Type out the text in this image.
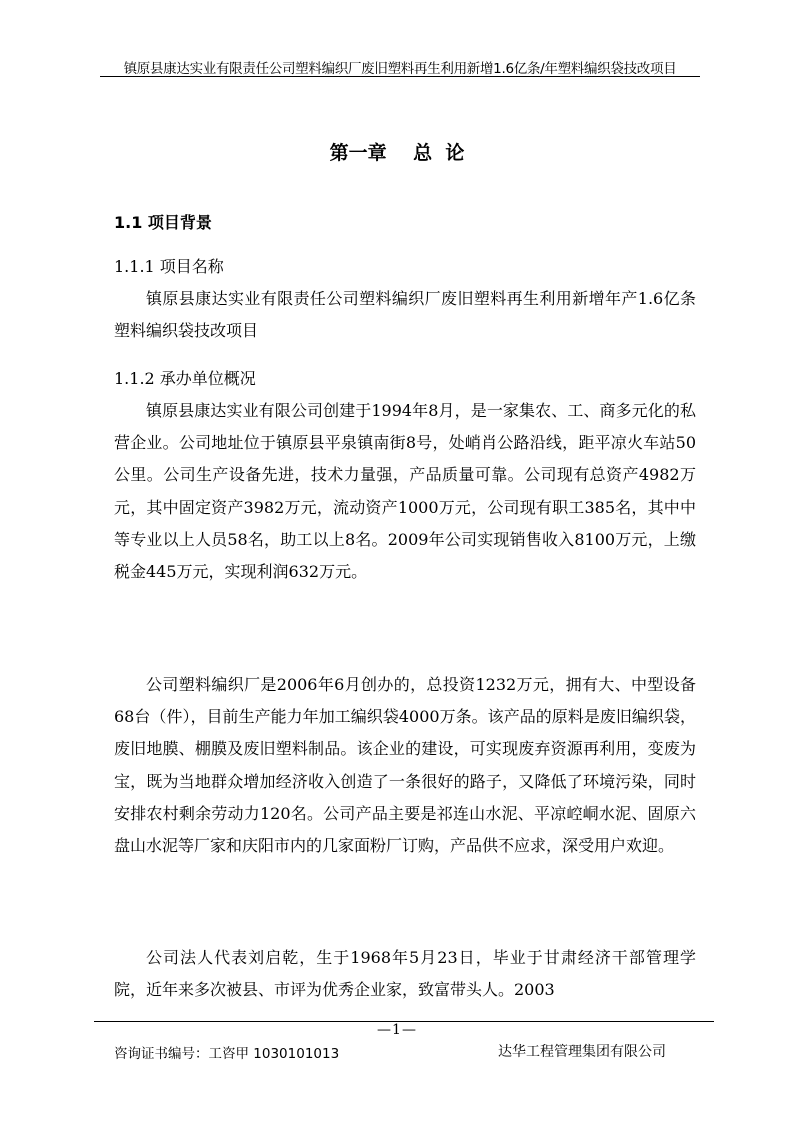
镇原县康达实业有限责任公司塑料编织厂废旧塑料再生利用新增1.6亿条/年塑料编织袋技改项目
第一章    总  论
1.1 项目背景
1.1.1 项目名称

镇原县康达实业有限责任公司塑料编织厂废旧塑料再生利用新增年产1.6亿条塑料编织袋技改项目

1.1.2 承办单位概况

镇原县康达实业有限公司创建于1994年8月，是一家集农、工、商多元化的私营企业。公司地址位于镇原县平泉镇南街8号，处峭肖公路沿线，距平凉火车站50公里。公司生产设备先进，技术力量强，产品质量可靠。公司现有总资产4982万元，其中固定资产3982万元，流动资产1000万元，公司现有职工385名，其中中等专业以上人员58名，助工以上8名。2009年公司实现销售收入8100万元，上缴税金445万元，实现利润632万元。

公司塑料编织厂是2006年6月创办的，总投资1232万元，拥有大、中型设备68台（件），目前生产能力年加工编织袋4000万条。该产品的原料是废旧编织袋，废旧地膜、棚膜及废旧塑料制品。该企业的建设，可实现废弃资源再利用，变废为宝，既为当地群众增加经济收入创造了一条很好的路子，又降低了环境污染，同时安排农村剩余劳动力120名。公司产品主要是祁连山水泥、平凉崆峒水泥、固原六盘山水泥等厂家和庆阳市内的几家面粉厂订购，产品供不应求，深受用户欢迎。

公司法人代表刘启乾，生于1968年5月23日，毕业于甘肃经济干部管理学院，近年来多次被县、市评为优秀企业家，致富带头人。2003

—1—
咨询证书编号：工咨甲 1030101013	达华工程管理集团有限公司
